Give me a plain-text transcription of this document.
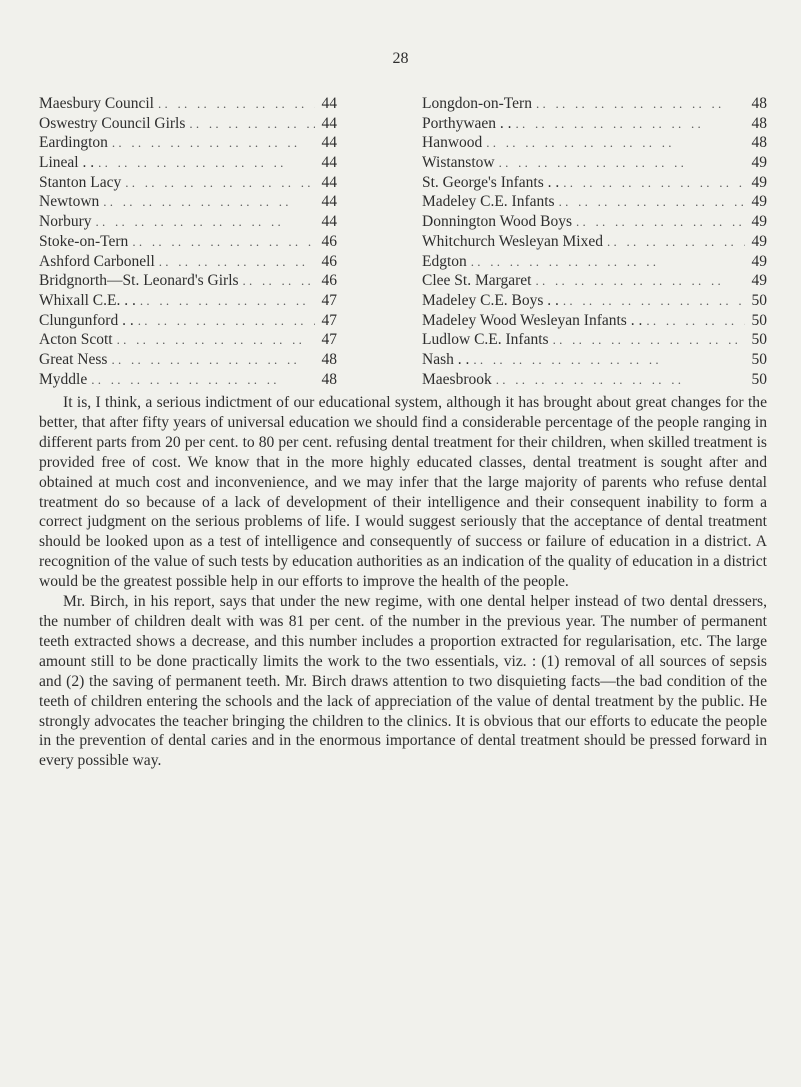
28
Maesbury Council . .	44
Oswestry Council Girls . .	44
Eardington . .	44
Lineal . . . .	44
Stanton Lacy . .	44
Newtown . .	44
Norbury . .	44
Stoke-on-Tern . .	46
Ashford Carbonell . .	46
Bridgnorth—St. Leonard's Girls . .	46
Whixall C.E. . . . .	47
Clungunford . . . .	47
Acton Scott . .	47
Great Ness . .	48
Myddle . .	48
Longdon-on-Tern . .	48
Porthywaen . . . .	48
Hanwood . .	48
Wistanstow . .	49
St. George's Infants . . . .	49
Madeley C.E. Infants . .	49
Donnington Wood Boys . .	49
Whitchurch Wesleyan Mixed . .	49
Edgton . .	49
Clee St. Margaret . .	49
Madeley C.E. Boys . . . .	50
Madeley Wood Wesleyan Infants . . . .	50
Ludlow C.E. Infants . .	50
Nash . . . .	50
Maesbrook . .	50

It is, I think, a serious indictment of our educational system, although it has brought about great changes for the better, that after fifty years of universal education we should find a considerable percentage of the people ranging in different parts from 20 per cent. to 80 per cent. refusing dental treatment for their children, when skilled treatment is provided free of cost. We know that in the more highly educated classes, dental treatment is sought after and obtained at much cost and inconvenience, and we may infer that the large majority of parents who refuse dental treatment do so because of a lack of development of their intelligence and their consequent inability to form a correct judgment on the serious problems of life. I would suggest seriously that the acceptance of dental treatment should be looked upon as a test of intelligence and consequently of success or failure of education in a district. A recognition of the value of such tests by education authorities as an indication of the quality of education in a district would be the greatest possible help in our efforts to improve the health of the people.

Mr. Birch, in his report, says that under the new regime, with one dental helper instead of two dental dressers, the number of children dealt with was 81 per cent. of the number in the previous year. The number of permanent teeth extracted shows a decrease, and this number includes a proportion extracted for regularisation, etc. The large amount still to be done practically limits the work to the two essentials, viz. : (1) removal of all sources of sepsis and (2) the saving of permanent teeth. Mr. Birch draws attention to two disquieting facts—the bad condition of the teeth of children entering the schools and the lack of appreciation of the value of dental treatment by the public. He strongly advocates the teacher bringing the children to the clinics. It is obvious that our efforts to educate the people in the prevention of dental caries and in the enormous importance of dental treatment should be pressed forward in every possible way.
